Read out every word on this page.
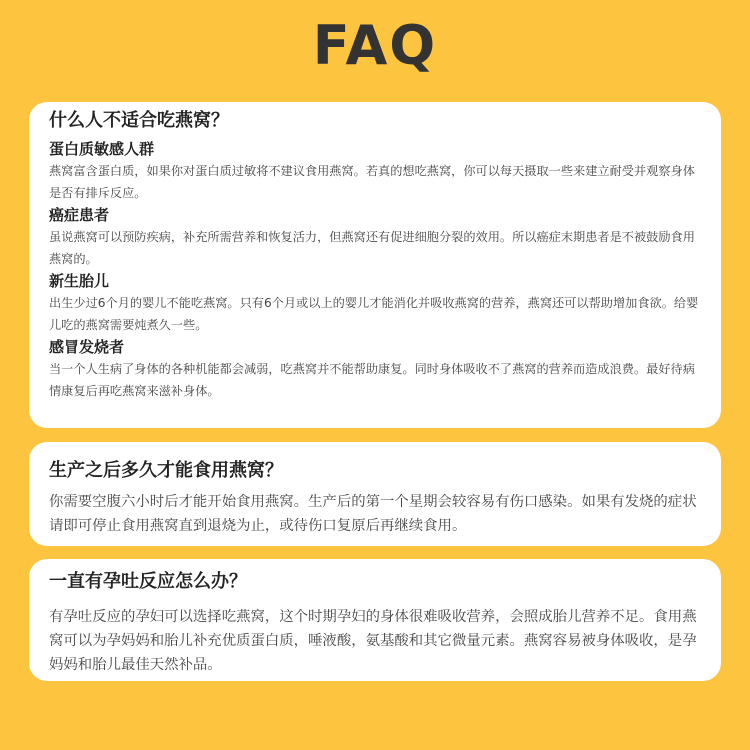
FAQ

什么人不适合吃燕窝？

蛋白质敏感人群

燕窝富含蛋白质，如果你对蛋白质过敏将不建议食用燕窝。若真的想吃燕窝，你可以每天摄取一些来建立耐受并观察身体是否有排斥反应。

癌症患者

虽说燕窝可以预防疾病，补充所需营养和恢复活力，但燕窝还有促进细胞分裂的效用。所以癌症末期患者是不被鼓励食用燕窝的。

新生胎儿

出生少过6个月的婴儿不能吃燕窝。只有6个月或以上的婴儿才能消化并吸收燕窝的营养，燕窝还可以帮助增加食欲。给婴儿吃的燕窝需要炖煮久一些。

感冒发烧者

当一个人生病了身体的各种机能都会减弱，吃燕窝并不能帮助康复。同时身体吸收不了燕窝的营养而造成浪费。最好待病情康复后再吃燕窝来滋补身体。

生产之后多久才能食用燕窝？

你需要空腹六小时后才能开始食用燕窝。生产后的第一个星期会较容易有伤口感染。如果有发烧的症状请即可停止食用燕窝直到退烧为止，或待伤口复原后再继续食用。

一直有孕吐反应怎么办？

有孕吐反应的孕妇可以选择吃燕窝，这个时期孕妇的身体很难吸收营养，会照成胎儿营养不足。食用燕窝可以为孕妈妈和胎儿补充优质蛋白质，唾液酸，氨基酸和其它微量元素。燕窝容易被身体吸收，是孕妈妈和胎儿最佳天然补品。
